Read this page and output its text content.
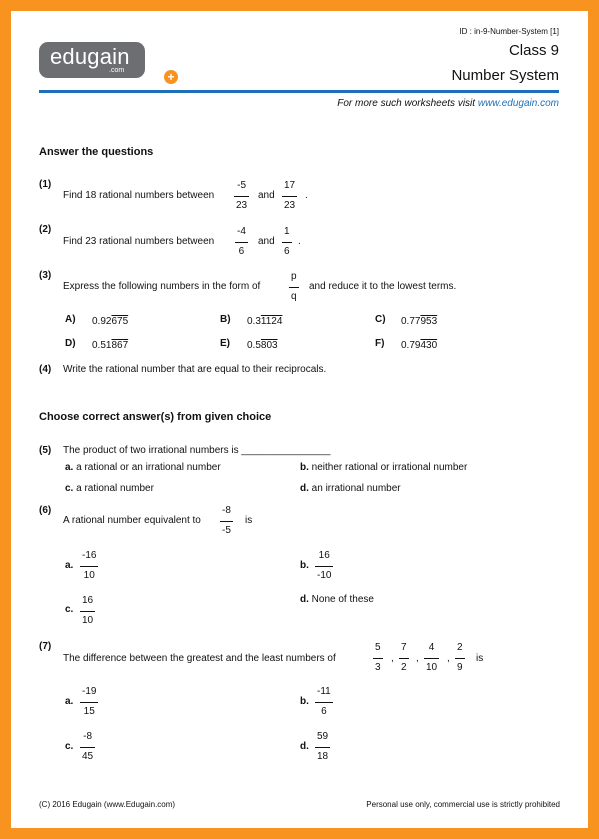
edugain
.com	+
ID : in-9-Number-System [1]
Class 9
Number System
For more such worksheets visit www.edugain.com
Answer the questions
(1)
Find 18 rational numbers between
-5
23
and
17
23
.
(2)
Find 23 rational numbers between
-4
6
and
1
6
.
(3)
Express the following numbers in the form of
p
q
and reduce it to the lowest terms.
A) 0.92675	B) 0.31124	C) 0.77953
D) 0.51867	E) 0.5803	F) 0.79430
(4) Write the rational number that are equal to their reciprocals.
Choose correct answer(s) from given choice
(5) The product of two irrational numbers is ________________
a. a rational or an irrational number	b. neither rational or irrational number
c. a rational number	d. an irrational number
(6)
A rational number equivalent to
-8
-5
is
a.
-16
10
b.
16
-10
c.
16
10
d. None of these
(7)
The difference between the greatest and the least numbers of
5
3
,
7
2
,
4
10
,
2
9
is
a.
-19
15
b.
-11
6
c.
-8
45
d.
59
18
(C) 2016 Edugain (www.Edugain.com)	Personal use only, commercial use is strictly prohibited
